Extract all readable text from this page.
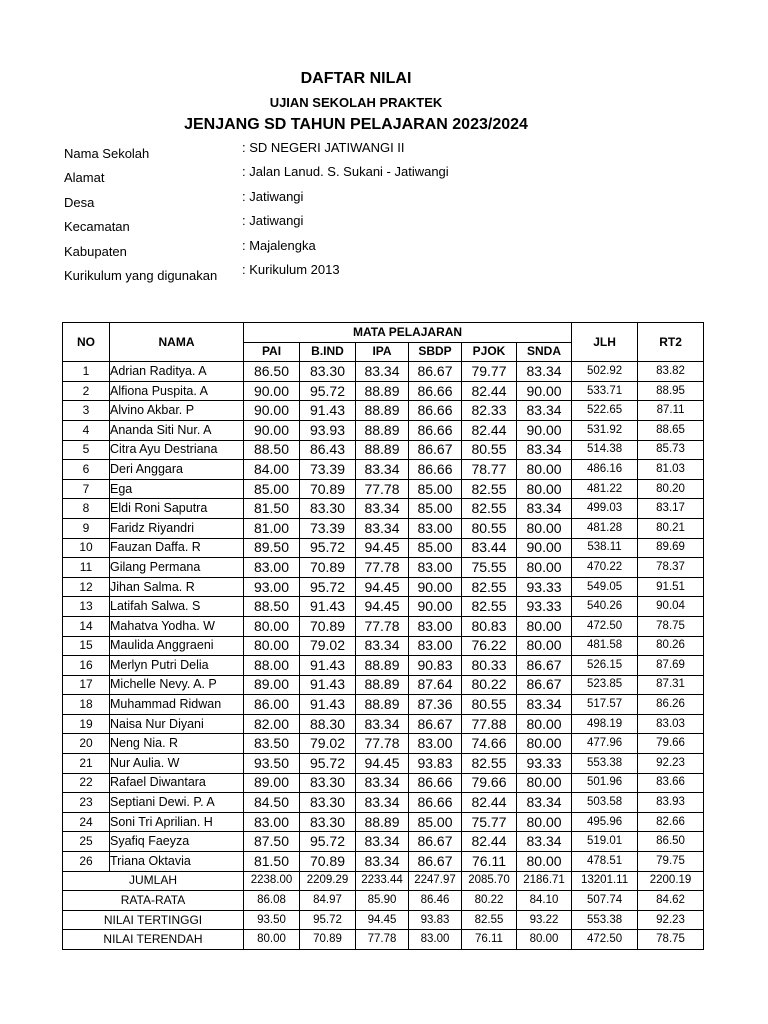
DAFTAR NILAI
UJIAN SEKOLAH PRAKTEK
JENJANG SD TAHUN PELAJARAN 2023/2024
Nama Sekolah	: SD NEGERI JATIWANGI II
Alamat	: Jalan Lanud. S. Sukani - Jatiwangi
Desa	: Jatiwangi
Kecamatan	: Jatiwangi
Kabupaten	: Majalengka
Kurikulum yang digunakan : Kurikulum 2013
NO	NAMA	MATA PELAJARAN						JLH	RT2
		PAI	B.IND	IPA	SBDP	PJOK	SNDA		
1	Adrian Raditya. A	86.50	83.30	83.34	86.67	79.77	83.34	502.92	83.82
2	Alfiona Puspita. A	90.00	95.72	88.89	86.66	82.44	90.00	533.71	88.95
3	Alvino Akbar. P	90.00	91.43	88.89	86.66	82.33	83.34	522.65	87.11
4	Ananda Siti Nur. A	90.00	93.93	88.89	86.66	82.44	90.00	531.92	88.65
5	Citra Ayu Destriana	88.50	86.43	88.89	86.67	80.55	83.34	514.38	85.73
6	Deri Anggara	84.00	73.39	83.34	86.66	78.77	80.00	486.16	81.03
7	Ega	85.00	70.89	77.78	85.00	82.55	80.00	481.22	80.20
8	Eldi Roni Saputra	81.50	83.30	83.34	85.00	82.55	83.34	499.03	83.17
9	Faridz Riyandri	81.00	73.39	83.34	83.00	80.55	80.00	481.28	80.21
10	Fauzan Daffa. R	89.50	95.72	94.45	85.00	83.44	90.00	538.11	89.69
11	Gilang Permana	83.00	70.89	77.78	83.00	75.55	80.00	470.22	78.37
12	Jihan Salma. R	93.00	95.72	94.45	90.00	82.55	93.33	549.05	91.51
13	Latifah Salwa. S	88.50	91.43	94.45	90.00	82.55	93.33	540.26	90.04
14	Mahatva Yodha. W	80.00	70.89	77.78	83.00	80.83	80.00	472.50	78.75
15	Maulida Anggraeni	80.00	79.02	83.34	83.00	76.22	80.00	481.58	80.26
16	Merlyn Putri Delia	88.00	91.43	88.89	90.83	80.33	86.67	526.15	87.69
17	Michelle Nevy. A. P	89.00	91.43	88.89	87.64	80.22	86.67	523.85	87.31
18	Muhammad Ridwan	86.00	91.43	88.89	87.36	80.55	83.34	517.57	86.26
19	Naisa Nur Diyani	82.00	88.30	83.34	86.67	77.88	80.00	498.19	83.03
20	Neng Nia. R	83.50	79.02	77.78	83.00	74.66	80.00	477.96	79.66
21	Nur Aulia. W	93.50	95.72	94.45	93.83	82.55	93.33	553.38	92.23
22	Rafael Diwantara	89.00	83.30	83.34	86.66	79.66	80.00	501.96	83.66
23	Septiani Dewi. P. A	84.50	83.30	83.34	86.66	82.44	83.34	503.58	83.93
24	Soni Tri Aprilian. H	83.00	83.30	88.89	85.00	75.77	80.00	495.96	82.66
25	Syafiq Faeyza	87.50	95.72	83.34	86.67	82.44	83.34	519.01	86.50
26	Triana Oktavia	81.50	70.89	83.34	86.67	76.11	80.00	478.51	79.75
JUMLAH		2238.00	2209.29	2233.44	2247.97	2085.70	2186.71	13201.11	2200.19
RATA-RATA		86.08	84.97	85.90	86.46	80.22	84.10	507.74	84.62
NILAI TERTINGGI		93.50	95.72	94.45	93.83	82.55	93.22	553.38	92.23
NILAI TERENDAH		80.00	70.89	77.78	83.00	76.11	80.00	472.50	78.75
